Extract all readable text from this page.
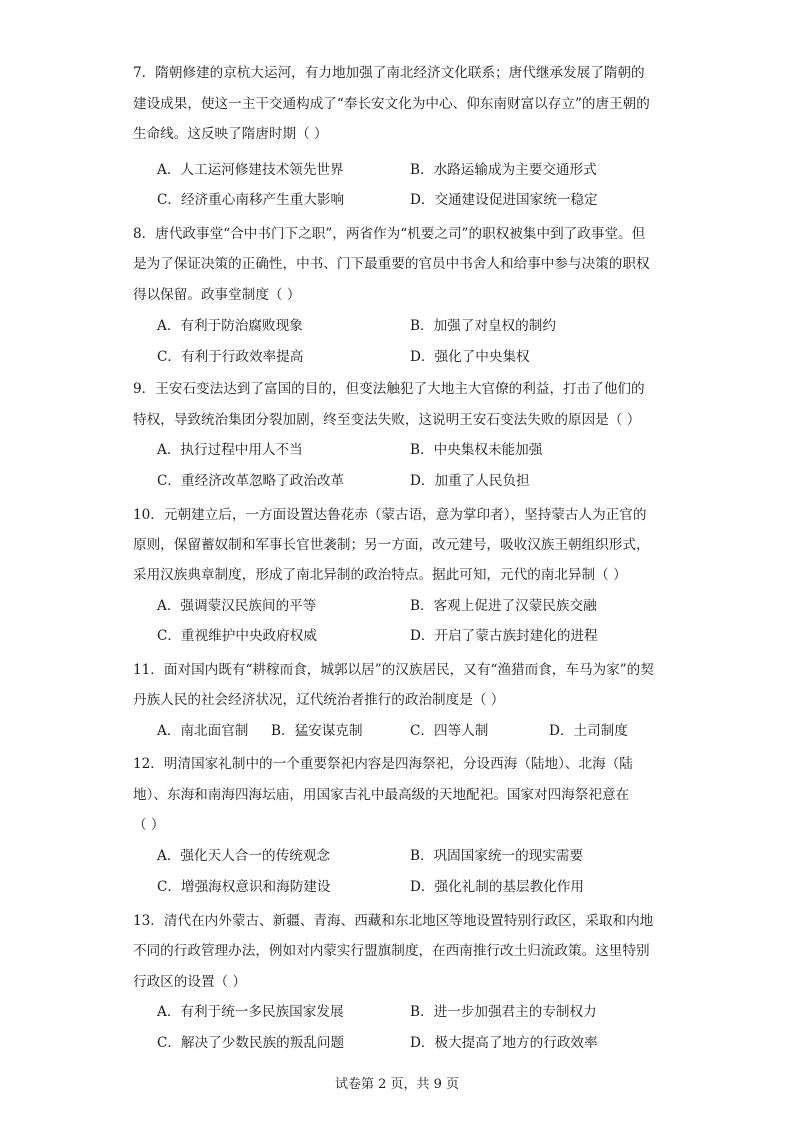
7．隋朝修建的京杭大运河，有力地加强了南北经济文化联系；唐代继承发展了隋朝的
建设成果，使这一主干交通构成了“奉长安文化为中心、仰东南财富以存立”的唐王朝的
生命线。这反映了隋唐时期（ ）
A．人工运河修建技术领先世界	B．水路运输成为主要交通形式
C．经济重心南移产生重大影响	D．交通建设促进国家统一稳定
8．唐代政事堂“合中书门下之职”，两省作为“机要之司”的职权被集中到了政事堂。但
是为了保证决策的正确性，中书、门下最重要的官员中书舍人和给事中参与决策的职权
得以保留。政事堂制度（ ）
A．有利于防治腐败现象	B．加强了对皇权的制约
C．有利于行政效率提高	D．强化了中央集权
9．王安石变法达到了富国的目的，但变法触犯了大地主大官僚的利益，打击了他们的
特权，导致统治集团分裂加剧，终至变法失败，这说明王安石变法失败的原因是（ ）
A．执行过程中用人不当	B．中央集权未能加强
C．重经济改革忽略了政治改革	D．加重了人民负担
10．元朝建立后，一方面设置达鲁花赤（蒙古语，意为掌印者），坚持蒙古人为正官的
原则，保留蓄奴制和军事长官世袭制；另一方面，改元建号，吸收汉族王朝组织形式，
采用汉族典章制度，形成了南北异制的政治特点。据此可知，元代的南北异制（ ）
A．强调蒙汉民族间的平等	B．客观上促进了汉蒙民族交融
C．重视维护中央政府权威	D．开启了蒙古族封建化的进程
11．面对国内既有“耕稼而食，城郭以居”的汉族居民，又有“渔猎而食，车马为家”的契
丹族人民的社会经济状况，辽代统治者推行的政治制度是（ ）
A．南北面官制 B．猛安谋克制	C．四等人制	D．土司制度
12．明清国家礼制中的一个重要祭祀内容是四海祭祀，分设西海（陆地）、北海（陆
地）、东海和南海四海坛庙，用国家吉礼中最高级的天地配祀。国家对四海祭祀意在
（ ）
A．强化天人合一的传统观念	B．巩固国家统一的现实需要
C．增强海权意识和海防建设	D．强化礼制的基层教化作用
13．清代在内外蒙古、新疆、青海、西藏和东北地区等地设置特别行政区，采取和内地
不同的行政管理办法，例如对内蒙实行盟旗制度，在西南推行改土归流政策。这里特别
行政区的设置（ ）
A．有利于统一多民族国家发展	B．进一步加强君主的专制权力
C．解决了少数民族的叛乱问题	D．极大提高了地方的行政效率
试卷第 2 页，共 9 页
